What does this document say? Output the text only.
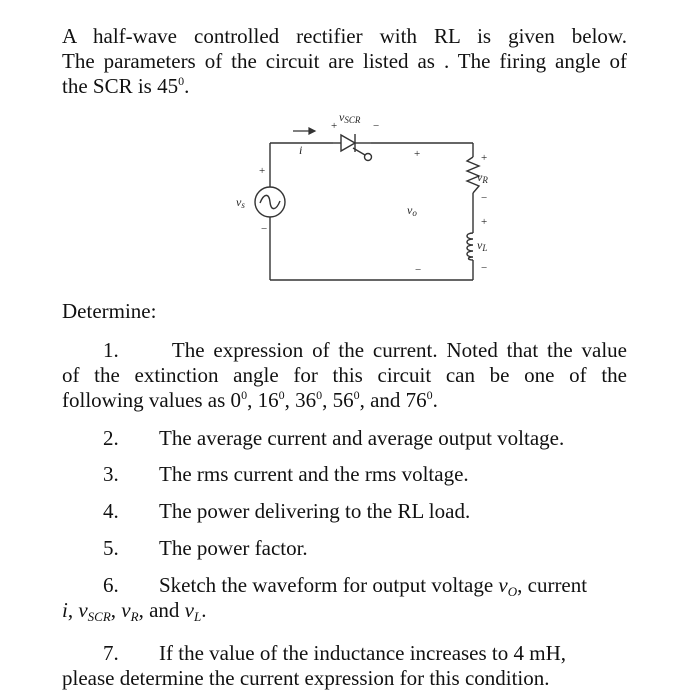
A half-wave controlled rectifier with RL is given below.
The parameters of the circuit are listed as . The firing angle of
the SCR is $45^0$.
vSCR
+	−
i
vs
+
−
+
vo
−
+
vR
−
+
vL
−
Determine:
1.	The expression of the current. Noted that the value
of the extinction angle for this circuit can be one of the
following values as $0^0$, $16^0$, $36^0$, $56^0$, and $76^0$.
2. The average current and average output voltage.
3. The rms current and the rms voltage.
4. The power delivering to the RL load.
5. The power factor.
6. Sketch the waveform for output voltage $v_O$, current
i, $v_{SCR}$, $v_R$, and $v_L$.
7. If the value of the inductance increases to 4 mH,
please determine the current expression for this condition.
